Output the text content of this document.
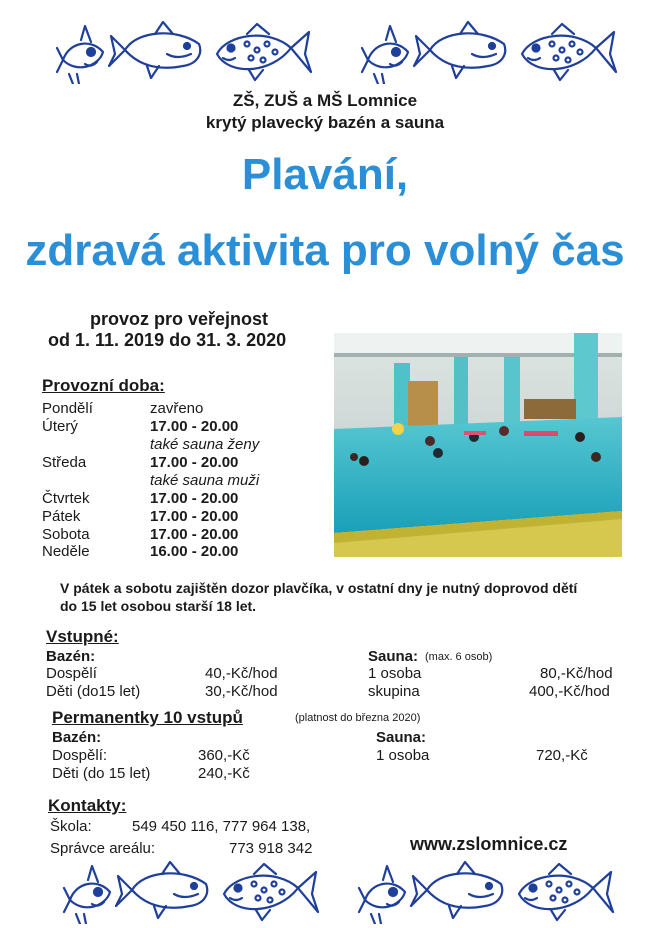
ZŠ, ZUŠ a MŠ Lomnice
krytý plavecký bazén a sauna
Plavání,
zdravá aktivita pro volný čas
provoz pro veřejnost
od 1. 11. 2019 do 31. 3. 2020
Provozní doba:
Pondělí	zavřeno
Úterý	17.00 - 20.00
také sauna ženy
Středa	17.00 - 20.00
také sauna muži
Čtvrtek	17.00 - 20.00
Pátek	17.00 - 20.00
Sobota	17.00 - 20.00
Neděle	16.00 - 20.00
V pátek a sobotu zajištěn dozor plavčíka, v ostatní dny je nutný doprovod dětí
do 15 let osobou starší 18 let.
Vstupné:
Bazén:
Dospělí	40,-Kč/hod
Děti (do15 let)	30,-Kč/hod
Sauna: (max. 6 osob)
1 osoba	80,-Kč/hod
skupina	400,-Kč/hod
Permanentky 10 vstupů	(platnost do března 2020)
Bazén:
Dospělí:	360,-Kč
Děti (do 15 let)	240,-Kč
Sauna:
1 osoba	720,-Kč
Kontakty:
Škola:	549 450 116, 777 964 138,
Správce areálu:	773 918 342	www.zslomnice.cz
